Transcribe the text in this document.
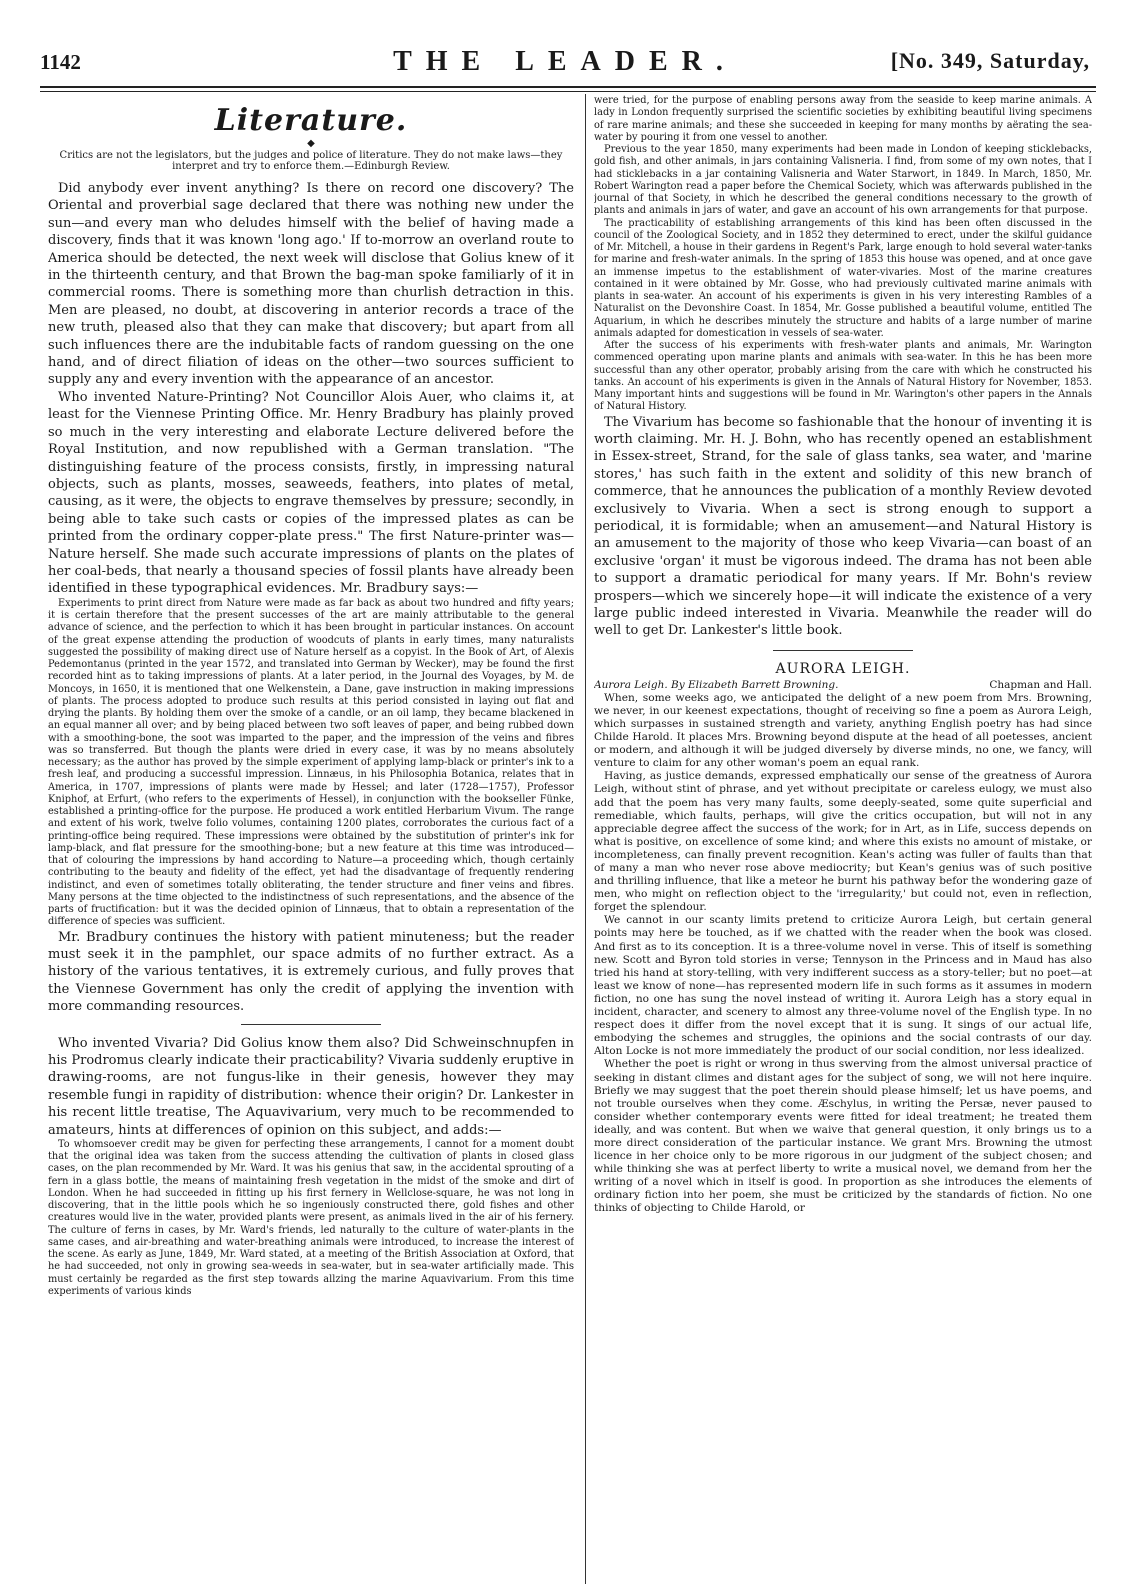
1142	THE LEADER.	[No. 349, Saturday,
Literature.
◆
Critics are not the legislators, but the judges and police of literature. They do not make laws—they interpret and try to enforce them.—Edinburgh Review.

Did anybody ever invent anything? Is there on record one discovery? The Oriental and proverbial sage declared that there was nothing new under the sun—and every man who deludes himself with the belief of having made a discovery, finds that it was known 'long ago.' If to-morrow an overland route to America should be detected, the next week will disclose that Golius knew of it in the thirteenth century, and that Brown the bag-man spoke familiarly of it in commercial rooms. There is something more than churlish detraction in this. Men are pleased, no doubt, at discovering in anterior records a trace of the new truth, pleased also that they can make that discovery; but apart from all such influences there are the indubitable facts of random guessing on the one hand, and of direct filiation of ideas on the other—two sources sufficient to supply any and every invention with the appearance of an ancestor.

Who invented Nature-Printing? Not Councillor Alois Auer, who claims it, at least for the Viennese Printing Office. Mr. Henry Bradbury has plainly proved so much in the very interesting and elaborate Lecture delivered before the Royal Institution, and now republished with a German translation. "The distinguishing feature of the process consists, firstly, in impressing natural objects, such as plants, mosses, seaweeds, feathers, into plates of metal, causing, as it were, the objects to engrave themselves by pressure; secondly, in being able to take such casts or copies of the impressed plates as can be printed from the ordinary copper-plate press." The first Nature-printer was—Nature herself. She made such accurate impressions of plants on the plates of her coal-beds, that nearly a thousand species of fossil plants have already been identified in these typographical evidences. Mr. Bradbury says:—

Experiments to print direct from Nature were made as far back as about two hundred and fifty years; it is certain therefore that the present successes of the art are mainly attributable to the general advance of science, and the perfection to which it has been brought in particular instances. On account of the great expense attending the production of woodcuts of plants in early times, many naturalists suggested the possibility of making direct use of Nature herself as a copyist. In the Book of Art, of Alexis Pedemontanus (printed in the year 1572, and translated into German by Wecker), may be found the first recorded hint as to taking impressions of plants. At a later period, in the Journal des Voyages, by M. de Moncoys, in 1650, it is mentioned that one Welkenstein, a Dane, gave instruction in making impressions of plants. The process adopted to produce such results at this period consisted in laying out flat and drying the plants. By holding them over the smoke of a candle, or an oil lamp, they became blackened in an equal manner all over; and by being placed between two soft leaves of paper, and being rubbed down with a smoothing-bone, the soot was imparted to the paper, and the impression of the veins and fibres was so transferred. But though the plants were dried in every case, it was by no means absolutely necessary; as the author has proved by the simple experiment of applying lamp-black or printer's ink to a fresh leaf, and producing a successful impression. Linnæus, in his Philosophia Botanica, relates that in America, in 1707, impressions of plants were made by Hessel; and later (1728—1757), Professor Kniphof, at Erfurt, (who refers to the experiments of Hessel), in conjunction with the bookseller Fünke, established a printing-office for the purpose. He produced a work entitled Herbarium Vivum. The range and extent of his work, twelve folio volumes, containing 1200 plates, corroborates the curious fact of a printing-office being required. These impressions were obtained by the substitution of printer's ink for lamp-black, and flat pressure for the smoothing-bone; but a new feature at this time was introduced—that of colouring the impressions by hand according to Nature—a proceeding which, though certainly contributing to the beauty and fidelity of the effect, yet had the disadvantage of frequently rendering indistinct, and even of sometimes totally obliterating, the tender structure and finer veins and fibres. Many persons at the time objected to the indistinctness of such representations, and the absence of the parts of fructification: but it was the decided opinion of Linnæus, that to obtain a representation of the difference of species was sufficient.

Mr. Bradbury continues the history with patient minuteness; but the reader must seek it in the pamphlet, our space admits of no further extract. As a history of the various tentatives, it is extremely curious, and fully proves that the Viennese Government has only the credit of applying the invention with more commanding resources.

Who invented Vivaria? Did Golius know them also? Did Schweinschnupfen in his Prodromus clearly indicate their practicability? Vivaria suddenly eruptive in drawing-rooms, are not fungus-like in their genesis, however they may resemble fungi in rapidity of distribution: whence their origin? Dr. Lankester in his recent little treatise, The Aquavivarium, very much to be recommended to amateurs, hints at differences of opinion on this subject, and adds:—

To whomsoever credit may be given for perfecting these arrangements, I cannot for a moment doubt that the original idea was taken from the success attending the cultivation of plants in closed glass cases, on the plan recommended by Mr. Ward. It was his genius that saw, in the accidental sprouting of a fern in a glass bottle, the means of maintaining fresh vegetation in the midst of the smoke and dirt of London. When he had succeeded in fitting up his first fernery in Wellclose-square, he was not long in discovering, that in the little pools which he so ingeniously constructed there, gold fishes and other creatures would live in the water, provided plants were present, as animals lived in the air of his fernery. The culture of ferns in cases, by Mr. Ward's friends, led naturally to the culture of water-plants in the same cases, and air-breathing and water-breathing animals were introduced, to increase the interest of the scene. As early as June, 1849, Mr. Ward stated, at a meeting of the British Association at Oxford, that he had succeeded, not only in growing sea-weeds in sea-water, but in sea-water artificially made. This must certainly be regarded as the first step towards allzing the marine Aquavivarium. From this time experiments of various kinds

were tried, for the purpose of enabling persons away from the seaside to keep marine animals. A lady in London frequently surprised the scientific societies by exhibiting beautiful living specimens of rare marine animals; and these she succeeded in keeping for many months by aërating the sea-water by pouring it from one vessel to another.

Previous to the year 1850, many experiments had been made in London of keeping sticklebacks, gold fish, and other animals, in jars containing Valisneria. I find, from some of my own notes, that I had sticklebacks in a jar containing Valisneria and Water Starwort, in 1849. In March, 1850, Mr. Robert Warington read a paper before the Chemical Society, which was afterwards published in the journal of that Society, in which he described the general conditions necessary to the growth of plants and animals in jars of water, and gave an account of his own arrangements for that purpose.

The practicability of establishing arrangements of this kind has been often discussed in the council of the Zoological Society, and in 1852 they determined to erect, under the skilful guidance of Mr. Mitchell, a house in their gardens in Regent's Park, large enough to hold several water-tanks for marine and fresh-water animals. In the spring of 1853 this house was opened, and at once gave an immense impetus to the establishment of water-vivaries. Most of the marine creatures contained in it were obtained by Mr. Gosse, who had previously cultivated marine animals with plants in sea-water. An account of his experiments is given in his very interesting Rambles of a Naturalist on the Devonshire Coast. In 1854, Mr. Gosse published a beautiful volume, entitled The Aquarium, in which he describes minutely the structure and habits of a large number of marine animals adapted for domestication in vessels of sea-water.

After the success of his experiments with fresh-water plants and animals, Mr. Warington commenced operating upon marine plants and animals with sea-water. In this he has been more successful than any other operator, probably arising from the care with which he constructed his tanks. An account of his experiments is given in the Annals of Natural History for November, 1853. Many important hints and suggestions will be found in Mr. Warington's other papers in the Annals of Natural History.

The Vivarium has become so fashionable that the honour of inventing it is worth claiming. Mr. H. J. Bohn, who has recently opened an establishment in Essex-street, Strand, for the sale of glass tanks, sea water, and 'marine stores,' has such faith in the extent and solidity of this new branch of commerce, that he announces the publication of a monthly Review devoted exclusively to Vivaria. When a sect is strong enough to support a periodical, it is formidable; when an amusement—and Natural History is an amusement to the majority of those who keep Vivaria—can boast of an exclusive 'organ' it must be vigorous indeed. The drama has not been able to support a dramatic periodical for many years. If Mr. Bohn's review prospers—which we sincerely hope—it will indicate the existence of a very large public indeed interested in Vivaria. Meanwhile the reader will do well to get Dr. Lankester's little book.

AURORA LEIGH.
Aurora Leigh. By Elizabeth Barrett Browning.	Chapman and Hall.

When, some weeks ago, we anticipated the delight of a new poem from Mrs. Browning, we never, in our keenest expectations, thought of receiving so fine a poem as Aurora Leigh, which surpasses in sustained strength and variety, anything English poetry has had since Childe Harold. It places Mrs. Browning beyond dispute at the head of all poetesses, ancient or modern, and although it will be judged diversely by diverse minds, no one, we fancy, will venture to claim for any other woman's poem an equal rank.

Having, as justice demands, expressed emphatically our sense of the greatness of Aurora Leigh, without stint of phrase, and yet without precipitate or careless eulogy, we must also add that the poem has very many faults, some deeply-seated, some quite superficial and remediable, which faults, perhaps, will give the critics occupation, but will not in any appreciable degree affect the success of the work; for in Art, as in Life, success depends on what is positive, on excellence of some kind; and where this exists no amount of mistake, or incompleteness, can finally prevent recognition. Kean's acting was fuller of faults than that of many a man who never rose above mediocrity; but Kean's genius was of such positive and thrilling influence, that like a meteor he burnt his pathway befor the wondering gaze of men, who might on reflection object to the 'irregularity,' but could not, even in reflection, forget the splendour.

We cannot in our scanty limits pretend to criticize Aurora Leigh, but certain general points may here be touched, as if we chatted with the reader when the book was closed. And first as to its conception. It is a three-volume novel in verse. This of itself is something new. Scott and Byron told stories in verse; Tennyson in the Princess and in Maud has also tried his hand at story-telling, with very indifferent success as a story-teller; but no poet—at least we know of none—has represented modern life in such forms as it assumes in modern fiction, no one has sung the novel instead of writing it. Aurora Leigh has a story equal in incident, character, and scenery to almost any three-volume novel of the English type. In no respect does it differ from the novel except that it is sung. It sings of our actual life, embodying the schemes and struggles, the opinions and the social contrasts of our day. Alton Locke is not more immediately the product of our social condition, nor less idealized.

Whether the poet is right or wrong in thus swerving from the almost universal practice of seeking in distant climes and distant ages for the subject of song, we will not here inquire. Briefly we may suggest that the poet therein should please himself; let us have poems, and not trouble ourselves when they come. Æschylus, in writing the Persæ, never paused to consider whether contemporary events were fitted for ideal treatment; he treated them ideally, and was content. But when we waive that general question, it only brings us to a more direct consideration of the particular instance. We grant Mrs. Browning the utmost licence in her choice only to be more rigorous in our judgment of the subject chosen; and while thinking she was at perfect liberty to write a musical novel, we demand from her the writing of a novel which in itself is good. In proportion as she introduces the elements of ordinary fiction into her poem, she must be criticized by the standards of fiction. No one thinks of objecting to Childe Harold, or
